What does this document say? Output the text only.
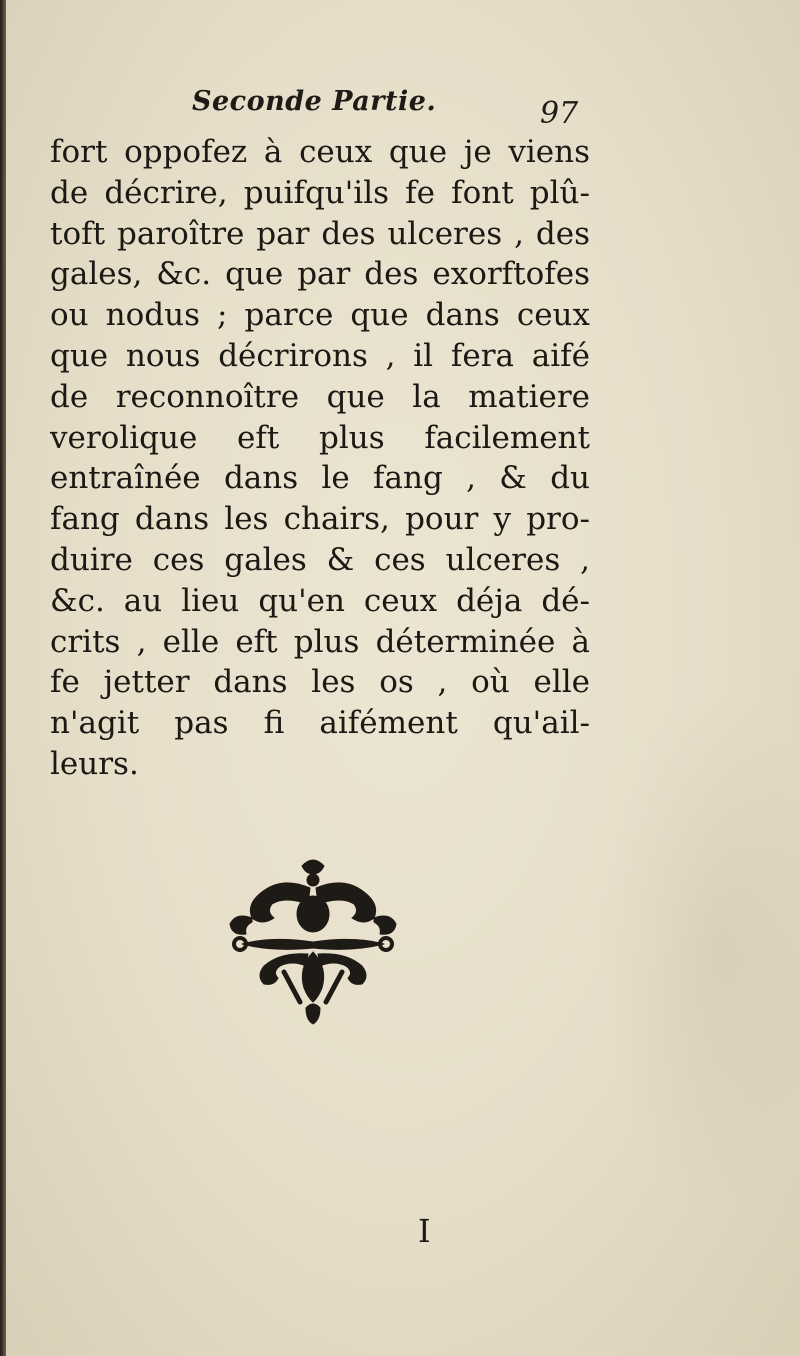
Seconde Partie.	97
fort oppofez à ceux que je viens
de décrire, puifqu'ils fe font plû-
toft paroître par des ulceres , des
gales, &c. que par des exorftofes
ou nodus ; parce que dans ceux
que nous décrirons , il fera aifé
de reconnoître que la matiere
verolique eft plus facilement
entraînée dans le fang , & du
fang dans les chairs, pour y pro-
duire ces gales & ces ulceres ,
&c. au lieu qu'en ceux déja dé-
crits , elle eft plus déterminée à
fe jetter dans les os , où elle
n'agit pas fi aifément qu'ail-
leurs.
I
